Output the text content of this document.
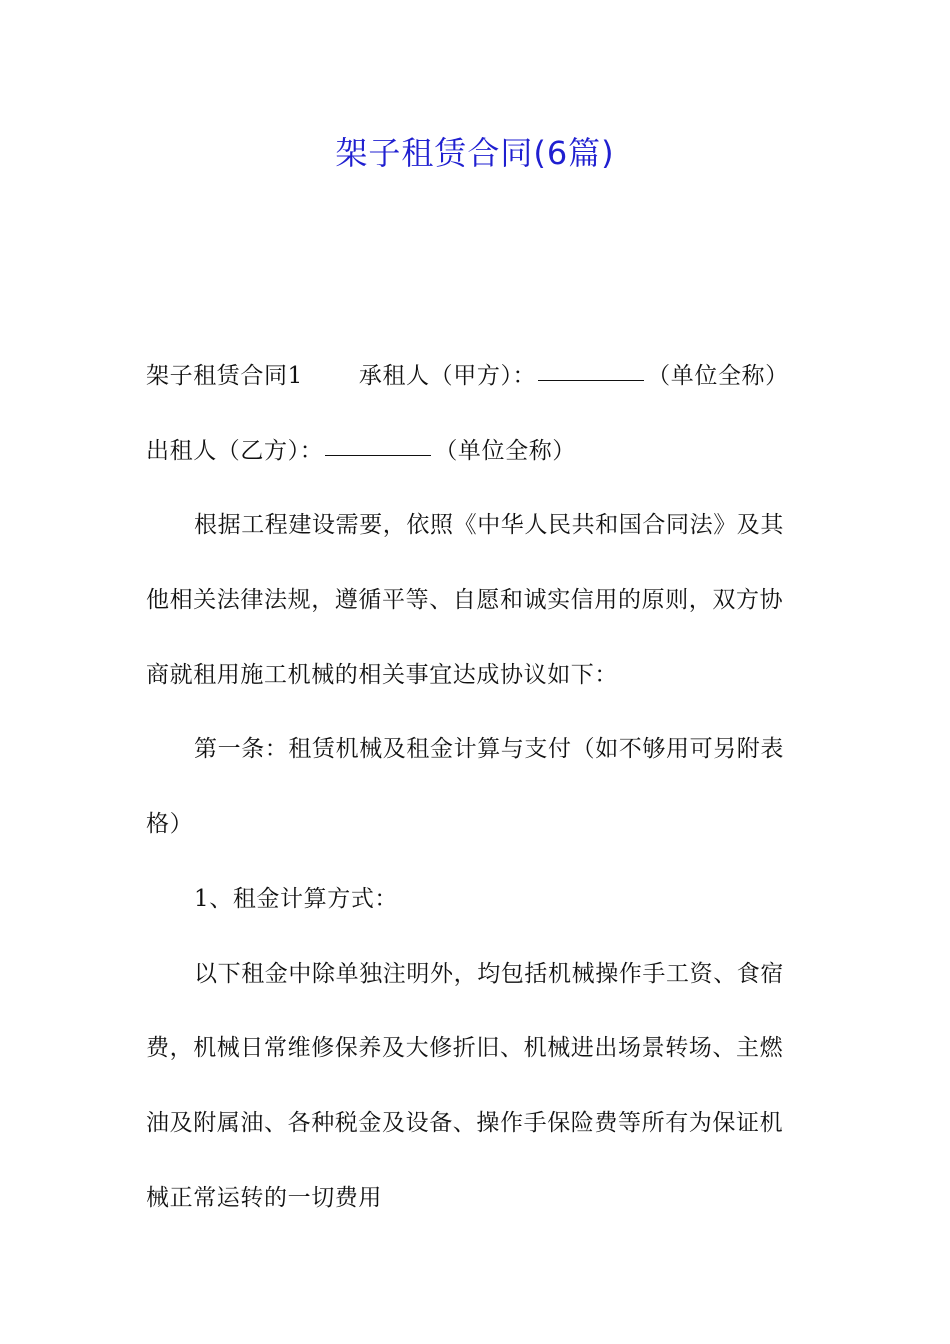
架子租赁合同(6篇)
架子租赁合同1 承租人（甲方）：	（单位全称）
出租人（乙方）：	（单位全称）
根据工程建设需要，依照《中华人民共和国合同法》及其
他相关法律法规，遵循平等、自愿和诚实信用的原则，双方协
商就租用施工机械的相关事宜达成协议如下：
第一条：租赁机械及租金计算与支付（如不够用可另附表
格）
1、租金计算方式：
以下租金中除单独注明外，均包括机械操作手工资、食宿
费，机械日常维修保养及大修折旧、机械进出场景转场、主燃
油及附属油、各种税金及设备、操作手保险费等所有为保证机
械正常运转的一切费用
